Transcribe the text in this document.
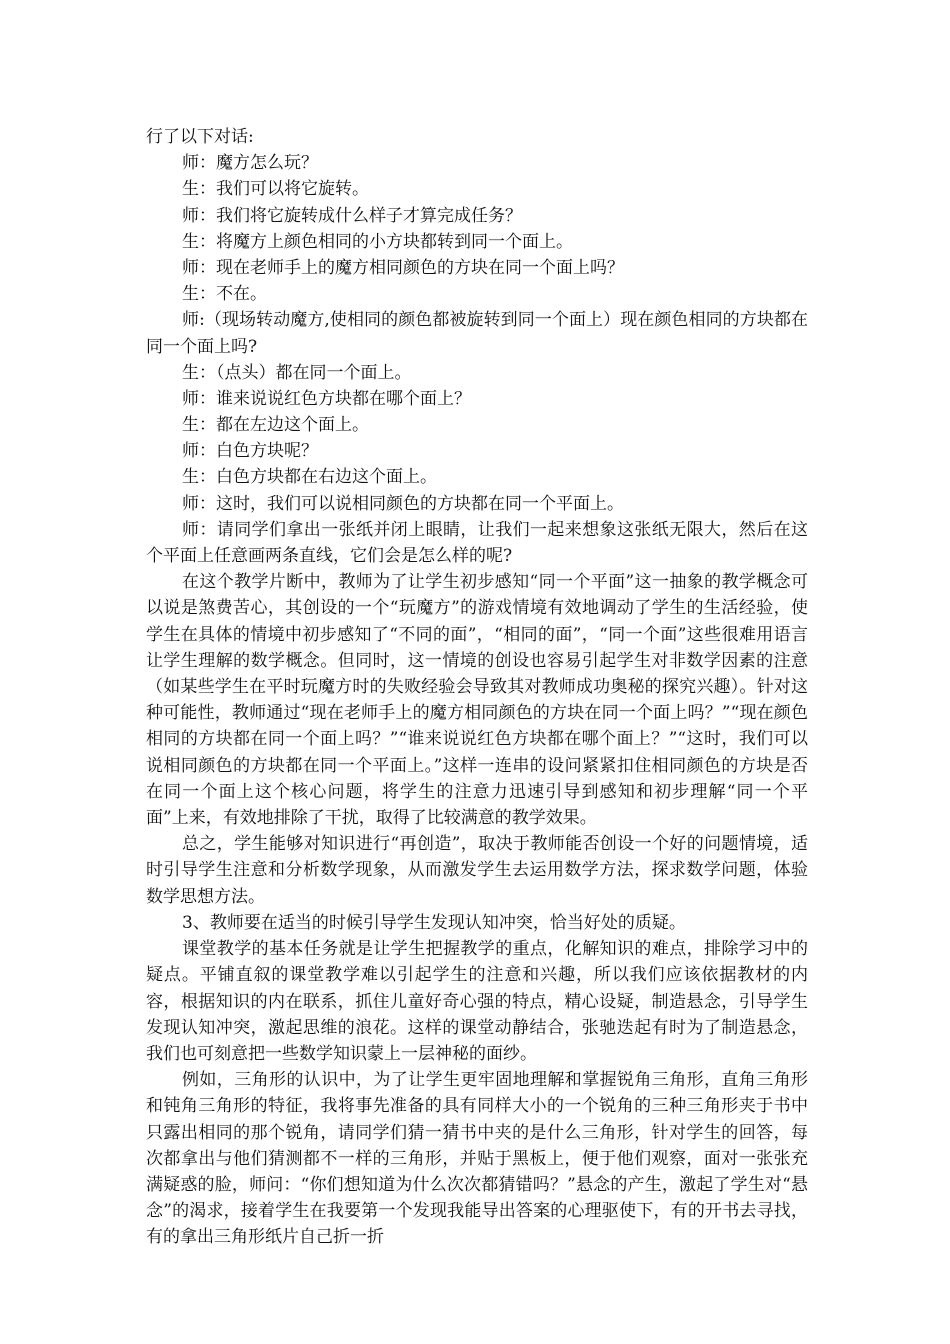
行了以下对话:
师：魔方怎么玩？
生：我们可以将它旋转。
师：我们将它旋转成什么样子才算完成任务？
生：将魔方上颜色相同的小方块都转到同一个面上。
师：现在老师手上的魔方相同颜色的方块在同一个面上吗？
生：不在。

师:（现场转动魔方,使相同的颜色都被旋转到同一个面上）现在颜色相同的方块都在同一个面上吗?

生：（点头）都在同一个面上。
师：谁来说说红色方块都在哪个面上？
生：都在左边这个面上。
师：白色方块呢？
生：白色方块都在右边这个面上。
师：这时，我们可以说相同颜色的方块都在同一个平面上。

师：请同学们拿出一张纸并闭上眼睛，让我们一起来想象这张纸无限大，然后在这个平面上任意画两条直线，它们会是怎么样的呢?

在这个教学片断中，教师为了让学生初步感知“同一个平面”这一抽象的教学概念可以说是煞费苦心，其创设的一个“玩魔方”的游戏情境有效地调动了学生的生活经验，使学生在具体的情境中初步感知了“不同的面”，“相同的面”，“同一个面”这些很难用语言让学生理解的数学概念。但同时，这一情境的创设也容易引起学生对非数学因素的注意（如某些学生在平时玩魔方时的失败经验会导致其对教师成功奥秘的探究兴趣）。针对这种可能性，教师通过“现在老师手上的魔方相同颜色的方块在同一个面上吗？”“现在颜色相同的方块都在同一个面上吗？”“谁来说说红色方块都在哪个面上？”“这时，我们可以说相同颜色的方块都在同一个平面上。”这样一连串的设问紧紧扣住相同颜色的方块是否在同一个面上这个核心问题，将学生的注意力迅速引导到感知和初步理解“同一个平面”上来，有效地排除了干扰，取得了比较满意的教学效果。

总之，学生能够对知识进行“再创造”，取决于教师能否创设一个好的问题情境，适时引导学生注意和分析数学现象，从而激发学生去运用数学方法，探求数学问题，体验数学思想方法。

3、教师要在适当的时候引导学生发现认知冲突，恰当好处的质疑。

课堂教学的基本任务就是让学生把握教学的重点，化解知识的难点，排除学习中的疑点。平铺直叙的课堂教学难以引起学生的注意和兴趣，所以我们应该依据教材的内容，根据知识的内在联系，抓住儿童好奇心强的特点，精心设疑，制造悬念，引导学生发现认知冲突，激起思维的浪花。这样的课堂动静结合，张驰迭起有时为了制造悬念，我们也可刻意把一些数学知识蒙上一层神秘的面纱。

例如，三角形的认识中，为了让学生更牢固地理解和掌握锐角三角形，直角三角形和钝角三角形的特征，我将事先准备的具有同样大小的一个锐角的三种三角形夹于书中只露出相同的那个锐角，请同学们猜一猜书中夹的是什么三角形，针对学生的回答，每次都拿出与他们猜测都不一样的三角形，并贴于黑板上，便于他们观察，面对一张张充满疑惑的脸，师问：“你们想知道为什么次次都猜错吗？”悬念的产生，激起了学生对“悬念”的渴求，接着学生在我要第一个发现我能导出答案的心理驱使下，有的开书去寻找，有的拿出三角形纸片自己折一折
